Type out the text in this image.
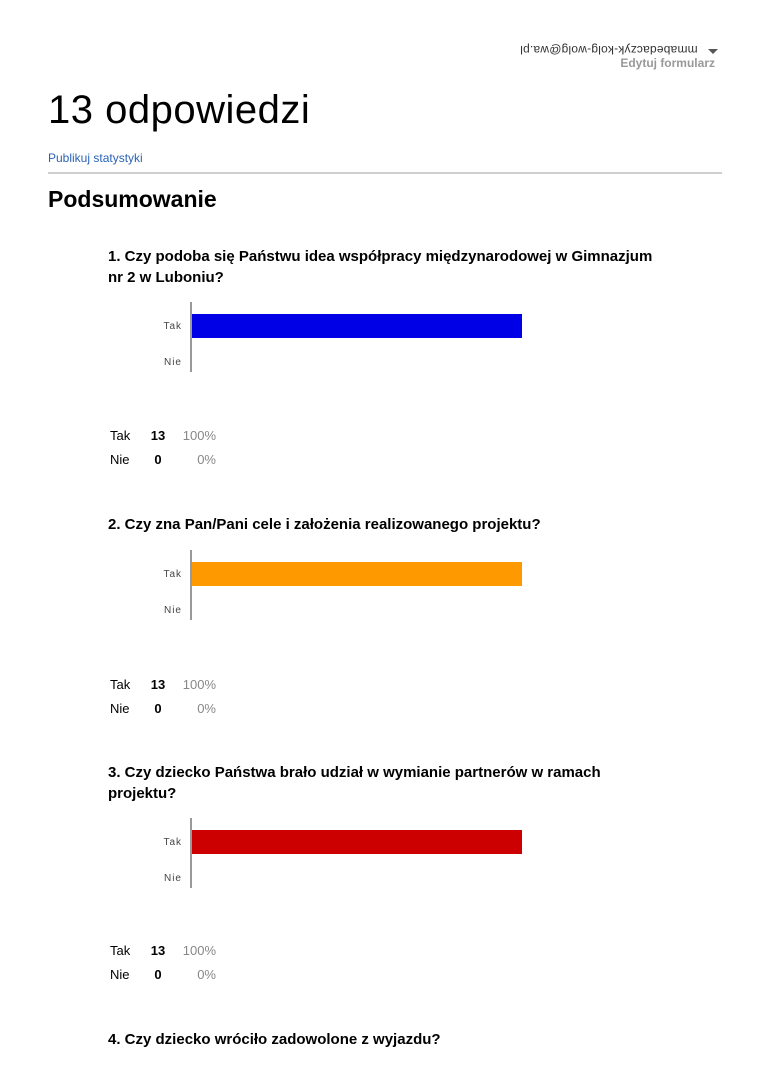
mmabedaczyk-kolg-wolg@wa.pl
Edytuj formularz
13 odpowiedzi
Publikuj statystyki
Podsumowanie

1. Czy podoba się Państwu idea współpracy międzynarodowej w Gimnazjum nr 2 w Luboniu?

Tak
Nie
Tak	13	100%
Nie	0	0%

2. Czy zna Pan/Pani cele i założenia realizowanego projektu?

Tak
Nie
Tak	13	100%
Nie	0	0%

3. Czy dziecko Państwa brało udział w wymianie partnerów w ramach projektu?

Tak
Nie
Tak	13	100%
Nie	0	0%

4. Czy dziecko wróciło zadowolone z wyjazdu?
